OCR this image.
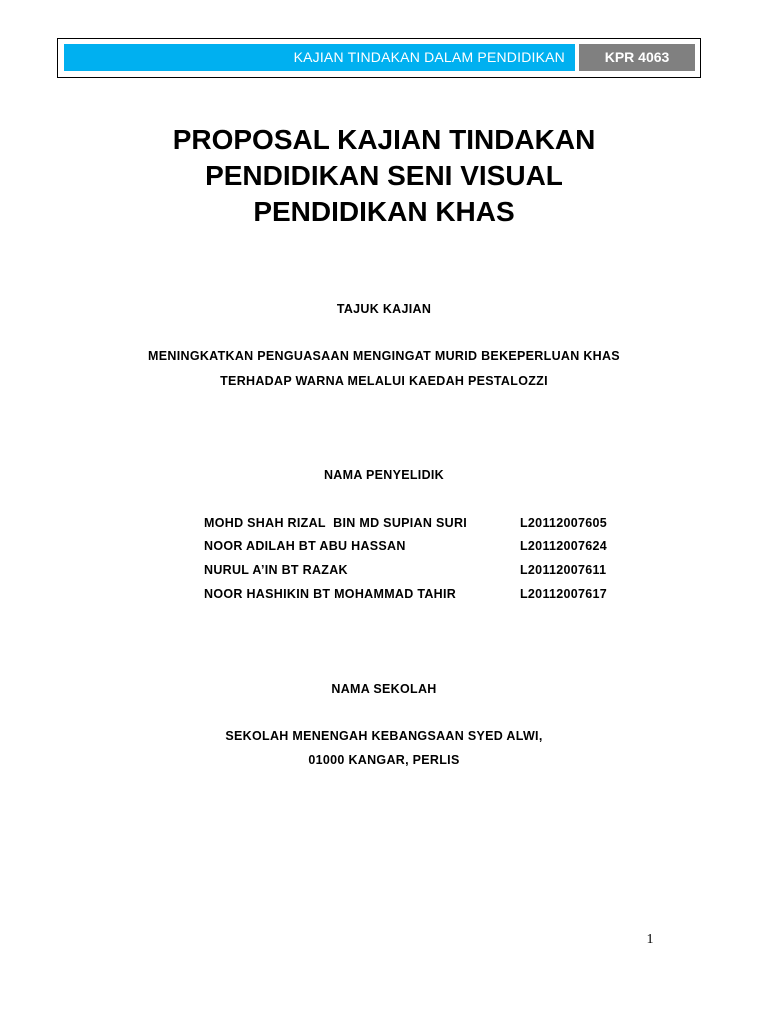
KAJIAN TINDAKAN DALAM PENDIDIKAN	KPR 4063
PROPOSAL KAJIAN TINDAKAN
PENDIDIKAN SENI VISUAL
PENDIDIKAN KHAS
TAJUK KAJIAN
MENINGKATKAN PENGUASAAN MENGINGAT MURID BEKEPERLUAN KHAS
TERHADAP WARNA MELALUI KAEDAH PESTALOZZI
NAMA PENYELIDIK
MOHD SHAH RIZAL  BIN MD SUPIAN SURI	L20112007605
NOOR ADILAH BT ABU HASSAN	L20112007624
NURUL A’IN BT RAZAK	L20112007611
NOOR HASHIKIN BT MOHAMMAD TAHIR	L20112007617
NAMA SEKOLAH
SEKOLAH MENENGAH KEBANGSAAN SYED ALWI,
01000 KANGAR, PERLIS
1
